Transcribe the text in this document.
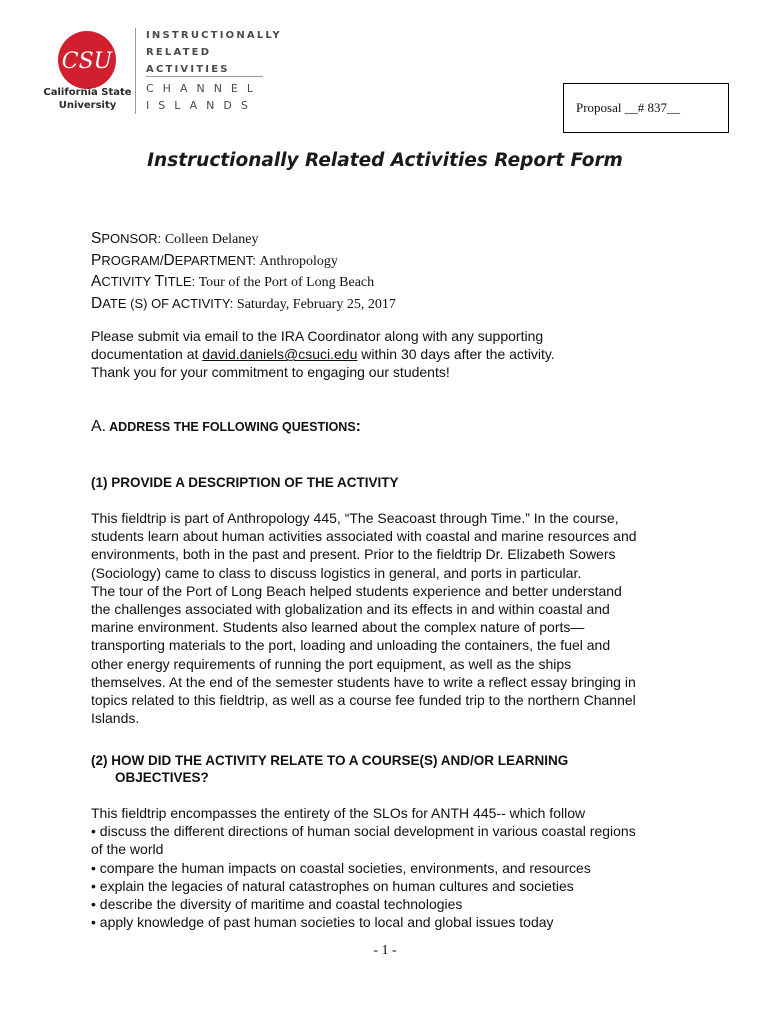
CSU
California State
University
INSTRUCTIONALLY
RELATED
ACTIVITIES
CHANNEL
ISLANDS	Proposal __# 837__
Instructionally Related Activities Report Form
SPONSOR: Colleen Delaney
PROGRAM/DEPARTMENT: Anthropology
ACTIVITY TITLE: Tour of the Port of Long Beach
DATE (S) OF ACTIVITY: Saturday, February 25, 2017
Please submit via email to the IRA Coordinator along with any supporting
documentation at david.daniels@csuci.edu within 30 days after the activity.
Thank you for your commitment to engaging our students!
A. ADDRESS THE FOLLOWING QUESTIONS:
(1) PROVIDE A DESCRIPTION OF THE ACTIVITY
This fieldtrip is part of Anthropology 445, “The Seacoast through Time.” In the course,
students learn about human activities associated with coastal and marine resources and
environments, both in the past and present. Prior to the fieldtrip Dr. Elizabeth Sowers
(Sociology) came to class to discuss logistics in general, and ports in particular.
The tour of the Port of Long Beach helped students experience and better understand
the challenges associated with globalization and its effects in and within coastal and
marine environment. Students also learned about the complex nature of ports—
transporting materials to the port, loading and unloading the containers, the fuel and
other energy requirements of running the port equipment, as well as the ships
themselves. At the end of the semester students have to write a reflect essay bringing in
topics related to this fieldtrip, as well as a course fee funded trip to the northern Channel
Islands.
(2) HOW DID THE ACTIVITY RELATE TO A COURSE(S) AND/OR LEARNING
OBJECTIVES?
This fieldtrip encompasses the entirety of the SLOs for ANTH 445-- which follow
• discuss the different directions of human social development in various coastal regions
of the world
• compare the human impacts on coastal societies, environments, and resources
• explain the legacies of natural catastrophes on human cultures and societies
• describe the diversity of maritime and coastal technologies
• apply knowledge of past human societies to local and global issues today
- 1 -
